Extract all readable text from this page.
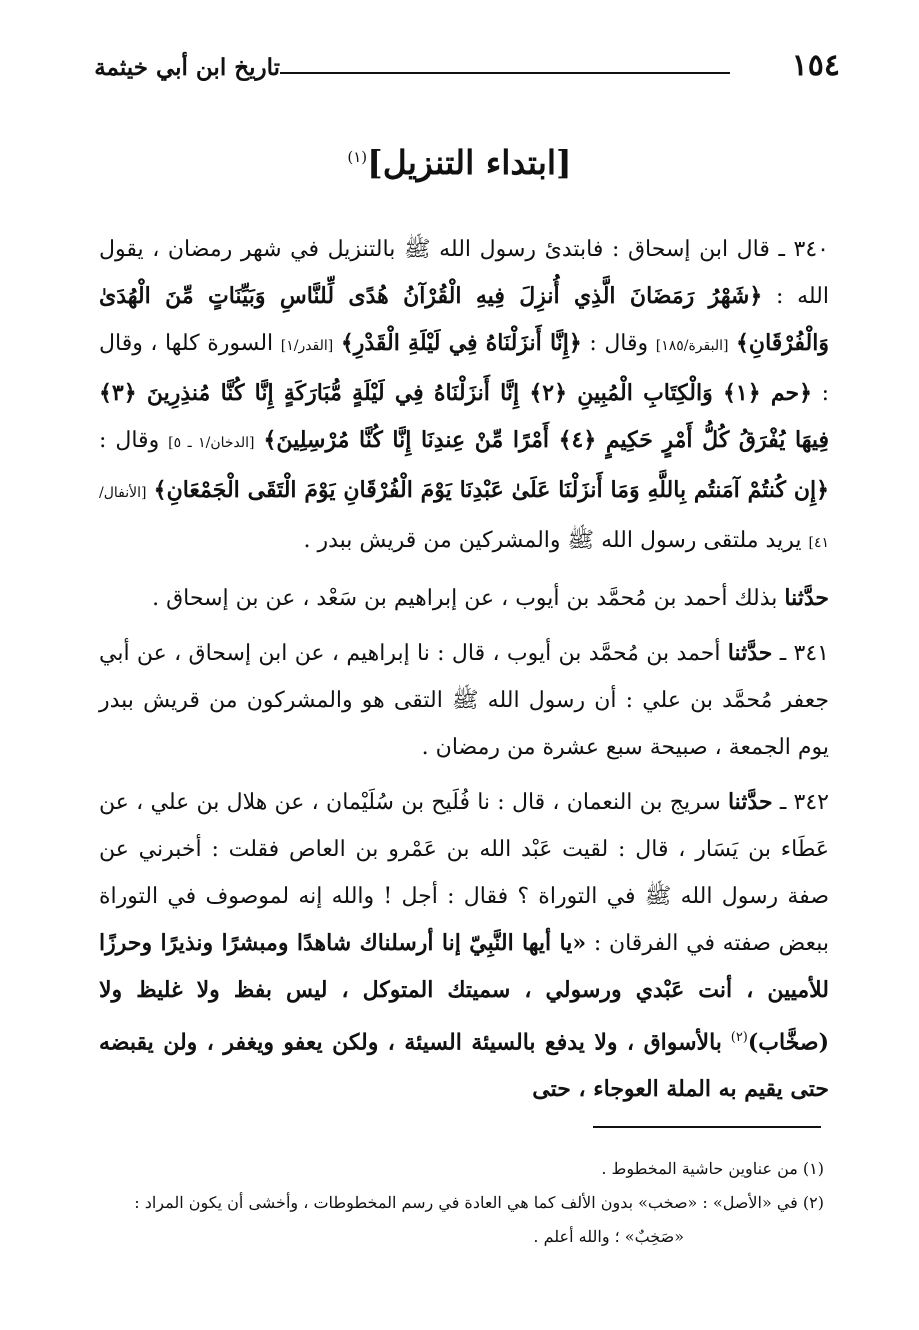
١٥٤
تاريخ ابن أبي خيثمة
[ابتداء التنزيل]$^{(١)}$

٣٤٠ ـ قال ابن إسحاق : فابتدئ رسول الله ﷺ بالتنزيل في شهر رمضان ، يقول الله : ﴿شَهْرُ رَمَضَانَ الَّذِي أُنزِلَ فِيهِ الْقُرْآنُ هُدًى لِّلنَّاسِ وَبَيِّنَاتٍ مِّنَ الْهُدَىٰ وَالْفُرْقَانِ﴾ [البقرة/١٨٥] وقال : ﴿إِنَّا أَنزَلْنَاهُ فِي لَيْلَةِ الْقَدْرِ﴾ [القدر/١] السورة كلها ، وقال : ﴿حم ﴿١﴾ وَالْكِتَابِ الْمُبِينِ ﴿٢﴾ إِنَّا أَنزَلْنَاهُ فِي لَيْلَةٍ مُّبَارَكَةٍ إِنَّا كُنَّا مُنذِرِينَ ﴿٣﴾ فِيهَا يُفْرَقُ كُلُّ أَمْرٍ حَكِيمٍ ﴿٤﴾ أَمْرًا مِّنْ عِندِنَا إِنَّا كُنَّا مُرْسِلِينَ﴾ [الدخان/١ ـ ٥] وقال : ﴿إِن كُنتُمْ آمَنتُم بِاللَّهِ وَمَا أَنزَلْنَا عَلَىٰ عَبْدِنَا يَوْمَ الْفُرْقَانِ يَوْمَ الْتَقَى الْجَمْعَانِ﴾ [الأنفال/٤١] يريد ملتقى رسول الله ﷺ والمشركين من قريش ببدر .

حدَّثنا بذلك أحمد بن مُحمَّد بن أيوب ، عن إبراهيم بن سَعْد ، عن بن إسحاق .

٣٤١ ـ حدَّثنا أحمد بن مُحمَّد بن أيوب ، قال : نا إبراهيم ، عن ابن إسحاق ، عن أبي جعفر مُحمَّد بن علي : أن رسول الله ﷺ التقى هو والمشركون من قريش ببدر يوم الجمعة ، صبيحة سبع عشرة من رمضان .

٣٤٢ ـ حدَّثنا سريج بن النعمان ، قال : نا فُلَيح بن سُلَيْمان ، عن هلال بن علي ، عن عَطَاء بن يَسَار ، قال : لقيت عَبْد الله بن عَمْرو بن العاص فقلت : أخبرني عن صفة رسول الله ﷺ في التوراة ؟ فقال : أجل ! والله إنه لموصوف في التوراة ببعض صفته في الفرقان : «يا أيها النَّبِيّ إنا أرسلناك شاهدًا ومبشرًا ونذيرًا وحرزًا للأميين ، أنت عَبْدي ورسولي ، سميتك المتوكل ، ليس بفظ ولا غليظ ولا (صخَّاب)$^{(٢)}$ بالأسواق ، ولا يدفع بالسيئة السيئة ، ولكن يعفو ويغفر ، ولن يقبضه حتى يقيم به الملة العوجاء ، حتى

(١) من عناوين حاشية المخطوط .

(٢) في «الأصل» : «صخب» بدون الألف كما هي العادة في رسم المخطوطات ، وأخشى أن يكون المراد :

«صَخِبٌ» ؛ والله أعلم .
